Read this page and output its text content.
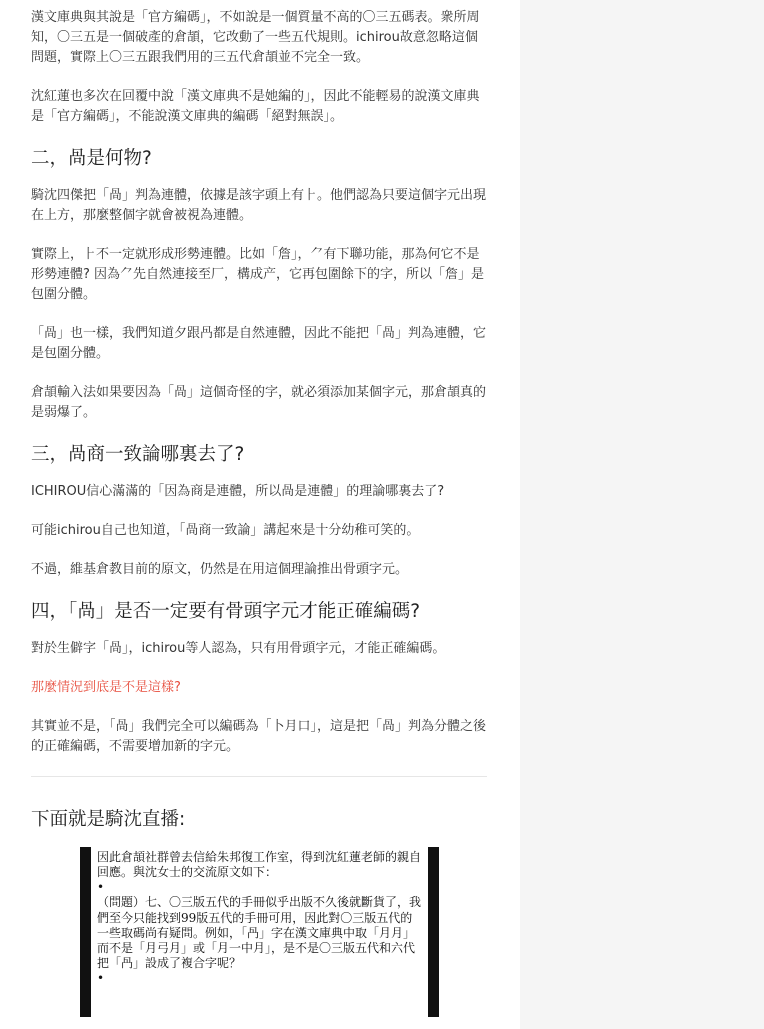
漢文庫典與其說是「官方編碼」，不如說是一個質量不高的〇三五碼表。衆所周知，〇三五是一個破產的倉頡，它改動了一些五代規則。ichirou故意忽略這個問題，實際上〇三五跟我們用的三五代倉頡並不完全一致。

沈紅蓮也多次在回覆中說「漢文庫典不是她編的」，因此不能輕易的說漢文庫典是「官方編碼」，不能說漢文庫典的編碼「絕對無誤」。

二，咼是何物?

騎沈四傑把「咼」判為連體，依據是該字頭上有⺊。他們認為只要這個字元出現在上方，那麼整個字就會被視為連體。

實際上，⺊不一定就形成形勢連體。比如「詹」，⺈有下聯功能，那為何它不是形勢連體? 因為⺈先自然連接至厂，構成产，它再包圍餘下的字，所以「詹」是包圍分體。

「咼」也一樣，我們知道夕跟冎都是自然連體，因此不能把「咼」判為連體，它是包圍分體。

倉頡輸入法如果要因為「咼」這個奇怪的字，就必須添加某個字元，那倉頡真的是弱爆了。

三，咼商一致論哪裏去了?

ICHIROU信心滿滿的「因為商是連體，所以咼是連體」的理論哪裏去了?

可能ichirou自己也知道，「咼商一致論」講起來是十分幼稚可笑的。

不過，維基倉教目前的原文，仍然是在用這個理論推出骨頭字元。

四，「咼」是否一定要有骨頭字元才能正確編碼?

對於生僻字「咼」，ichirou等人認為，只有用骨頭字元，才能正確編碼。

那麼情況到底是不是這樣?

其實並不是，「咼」我們完全可以編碼為「卜月口」，這是把「咼」判為分體之後的正確編碼，不需要增加新的字元。

下面就是騎沈直播:

因此倉頡社群曾去信給朱邦復工作室，得到沈紅蓮老師的親自回應。與沈女士的交流原文如下：

•

（問題）七、〇三版五代的手冊似乎出版不久後就斷貨了，我們至今只能找到99版五代的手冊可用，因此對〇三版五代的一些取碼尚有疑問。例如，「冎」字在漢文庫典中取「月月」而不是「月弓月」或「月一中月」，是不是〇三版五代和六代把「冎」設成了複合字呢？

•
